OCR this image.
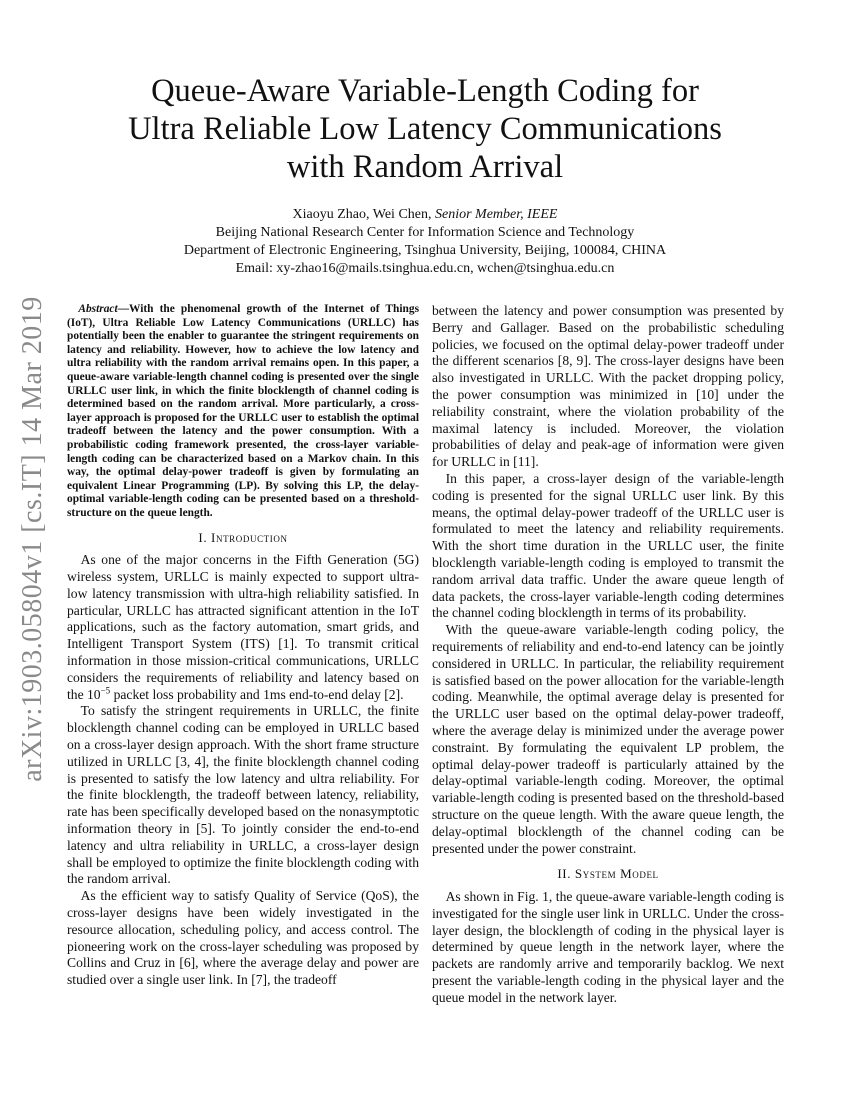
arXiv:1903.05804v1 [cs.IT] 14 Mar 2019
Queue-Aware Variable-Length Coding for
Ultra Reliable Low Latency Communications
with Random Arrival
Xiaoyu Zhao, Wei Chen, Senior Member, IEEE
Beijing National Research Center for Information Science and Technology
Department of Electronic Engineering, Tsinghua University, Beijing, 100084, CHINA
Email: xy-zhao16@mails.tsinghua.edu.cn, wchen@tsinghua.edu.cn

Abstract—With the phenomenal growth of the Internet of Things (IoT), Ultra Reliable Low Latency Communications (URLLC) has potentially been the enabler to guarantee the stringent requirements on latency and reliability. However, how to achieve the low latency and ultra reliability with the random arrival remains open. In this paper, a queue-aware variable-length channel coding is presented over the single URLLC user link, in which the finite blocklength of channel coding is determined based on the random arrival. More particularly, a cross-layer approach is proposed for the URLLC user to establish the optimal tradeoff between the latency and the power consumption. With a probabilistic coding framework presented, the cross-layer variable-length coding can be characterized based on a Markov chain. In this way, the optimal delay-power tradeoff is given by formulating an equivalent Linear Programming (LP). By solving this LP, the delay-optimal variable-length coding can be presented based on a threshold-structure on the queue length.

I. Introduction

As one of the major concerns in the Fifth Generation (5G) wireless system, URLLC is mainly expected to support ultra-low latency transmission with ultra-high reliability satisfied. In particular, URLLC has attracted significant attention in the IoT applications, such as the factory automation, smart grids, and Intelligent Transport System (ITS) [1]. To transmit critical information in those mission-critical communications, URLLC considers the requirements of reliability and latency based on the $10^{-5}$ packet loss probability and 1ms end-to-end delay [2].

To satisfy the stringent requirements in URLLC, the finite blocklength channel coding can be employed in URLLC based on a cross-layer design approach. With the short frame structure utilized in URLLC [3, 4], the finite blocklength channel coding is presented to satisfy the low latency and ultra reliability. For the finite blocklength, the tradeoff between latency, reliability, rate has been specifically developed based on the nonasymptotic information theory in [5]. To jointly consider the end-to-end latency and ultra reliability in URLLC, a cross-layer design shall be employed to optimize the finite blocklength coding with the random arrival.

As the efficient way to satisfy Quality of Service (QoS), the cross-layer designs have been widely investigated in the resource allocation, scheduling policy, and access control. The pioneering work on the cross-layer scheduling was proposed by Collins and Cruz in [6], where the average delay and power are studied over a single user link. In [7], the tradeoff

between the latency and power consumption was presented by Berry and Gallager. Based on the probabilistic scheduling policies, we focused on the optimal delay-power tradeoff under the different scenarios [8, 9]. The cross-layer designs have been also investigated in URLLC. With the packet dropping policy, the power consumption was minimized in [10] under the reliability constraint, where the violation probability of the maximal latency is included. Moreover, the violation probabilities of delay and peak-age of information were given for URLLC in [11].

In this paper, a cross-layer design of the variable-length coding is presented for the signal URLLC user link. By this means, the optimal delay-power tradeoff of the URLLC user is formulated to meet the latency and reliability requirements. With the short time duration in the URLLC user, the finite blocklength variable-length coding is employed to transmit the random arrival data traffic. Under the aware queue length of data packets, the cross-layer variable-length coding determines the channel coding blocklength in terms of its probability.

With the queue-aware variable-length coding policy, the requirements of reliability and end-to-end latency can be jointly considered in URLLC. In particular, the reliability requirement is satisfied based on the power allocation for the variable-length coding. Meanwhile, the optimal average delay is presented for the URLLC user based on the optimal delay-power tradeoff, where the average delay is minimized under the average power constraint. By formulating the equivalent LP problem, the optimal delay-power tradeoff is particularly attained by the delay-optimal variable-length coding. Moreover, the optimal variable-length coding is presented based on the threshold-based structure on the queue length. With the aware queue length, the delay-optimal blocklength of the channel coding can be presented under the power constraint.

II. System Model

As shown in Fig. 1, the queue-aware variable-length coding is investigated for the single user link in URLLC. Under the cross-layer design, the blocklength of coding in the physical layer is determined by queue length in the network layer, where the packets are randomly arrive and temporarily backlog. We next present the variable-length coding in the physical layer and the queue model in the network layer.
